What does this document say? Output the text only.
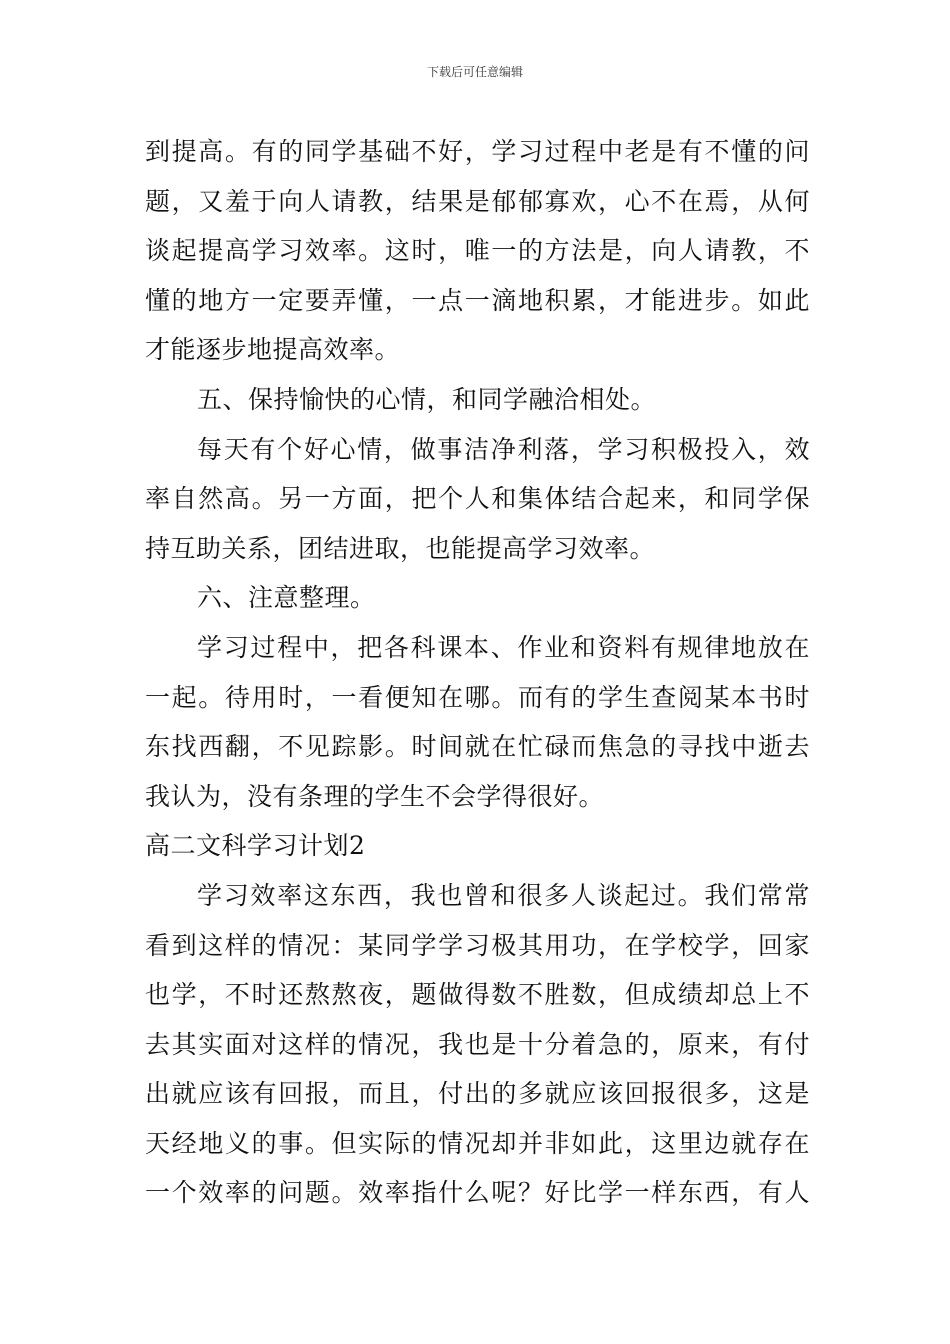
下载后可任意编辑
到提高。有的同学基础不好，学习过程中老是有不懂的问
题，又羞于向人请教，结果是郁郁寡欢，心不在焉，从何
谈起提高学习效率。这时，唯一的方法是，向人请教，不
懂的地方一定要弄懂，一点一滴地积累，才能进步。如此
才能逐步地提高效率。
五、保持愉快的心情，和同学融洽相处。
每天有个好心情，做事洁净利落，学习积极投入，效
率自然高。另一方面，把个人和集体结合起来，和同学保
持互助关系，团结进取，也能提高学习效率。
六、注意整理。
学习过程中，把各科课本、作业和资料有规律地放在
一起。待用时，一看便知在哪。而有的学生查阅某本书时
东找西翻，不见踪影。时间就在忙碌而焦急的寻找中逝去
我认为，没有条理的学生不会学得很好。
高二文科学习计划2
学习效率这东西，我也曾和很多人谈起过。我们常常
看到这样的情况：某同学学习极其用功，在学校学，回家
也学，不时还熬熬夜，题做得数不胜数，但成绩却总上不
去其实面对这样的情况，我也是十分着急的，原来，有付
出就应该有回报，而且，付出的多就应该回报很多，这是
天经地义的事。但实际的情况却并非如此，这里边就存在
一个效率的问题。效率指什么呢？好比学一样东西，有人
